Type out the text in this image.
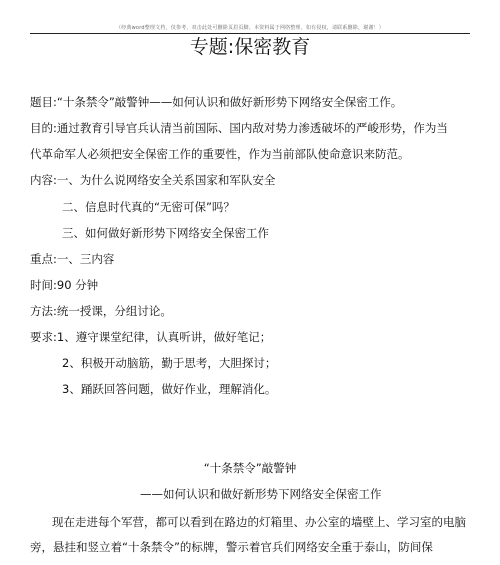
（经典word整理文档，仅参考，双击此处可删除页眉页脚。本资料属于网络整理，如有侵权，请联系删除，谢谢！）
专题:保密教育
题目:“十条禁令”敲警钟——如何认识和做好新形势下网络安全保密工作。
目的:通过教育引导官兵认清当前国际、国内敌对势力渗透破坏的严峻形势，作为当
代革命军人必须把安全保密工作的重要性，作为当前部队使命意识来防范。
内容:一、为什么说网络安全关系国家和军队安全
二、信息时代真的“无密可保”吗？
三、如何做好新形势下网络安全保密工作
重点:一、三内容
时间:90 分钟
方法:统一授课，分组讨论。
要求:1、遵守课堂纪律，认真听讲，做好笔记；
2、积极开动脑筋，勤于思考，大胆探讨；
3、踊跃回答问题，做好作业，理解消化。
“十条禁令”敲警钟
——如何认识和做好新形势下网络安全保密工作
现在走进每个军营，都可以看到在路边的灯箱里、办公室的墙壁上、学习室的电脑旁，悬挂和竖立着“十条禁令”的标牌，警示着官兵们网络安全重于泰山，防间保
